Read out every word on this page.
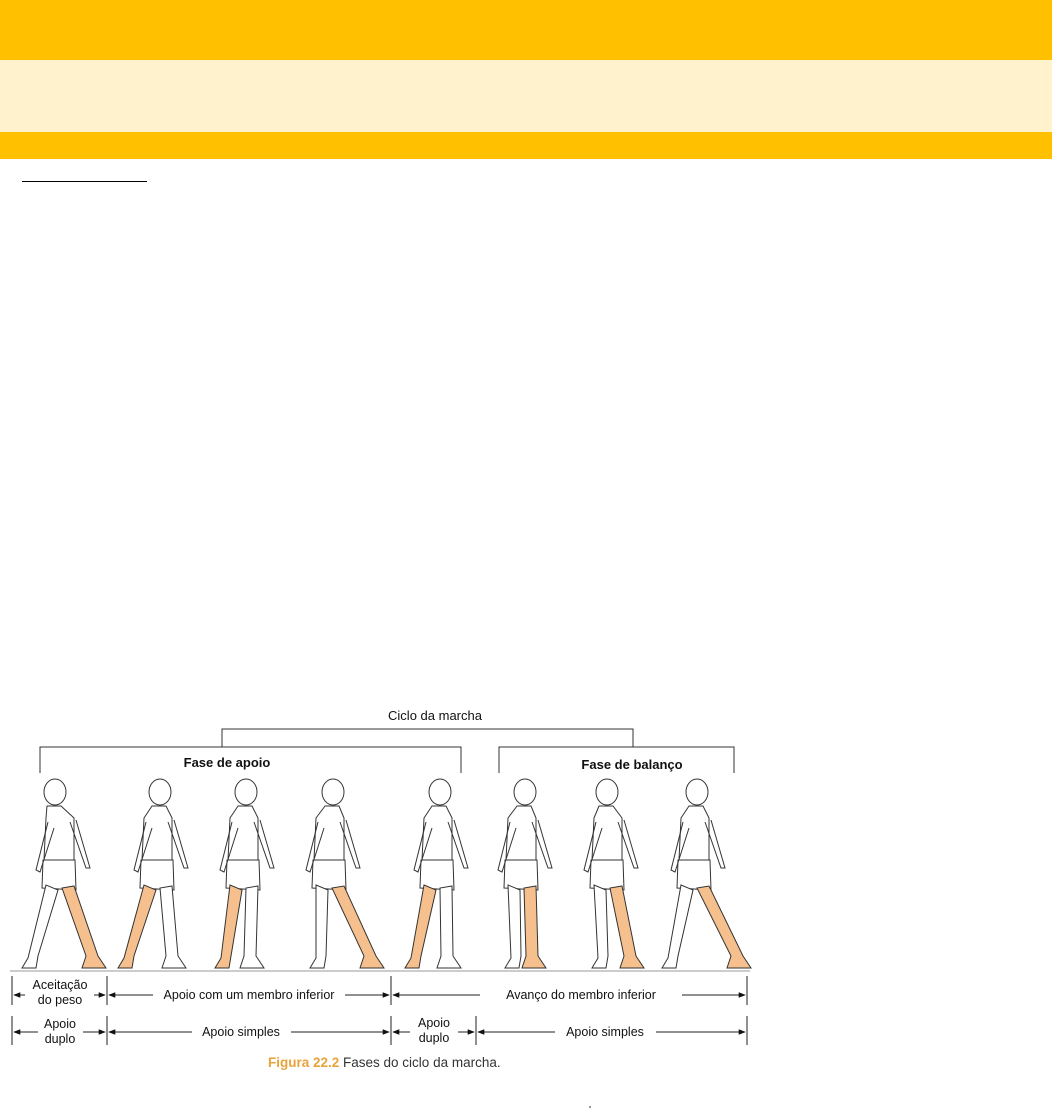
Ciclo da marcha
Fase de apoio	Fase de balanço
Aceitação
do peso	Apoio com um membro inferior	Avanço do membro inferior
Apoio
duplo	Apoio simples
Apoio
duplo	Apoio simples
Figura 22.2 Fases do ciclo da marcha.
